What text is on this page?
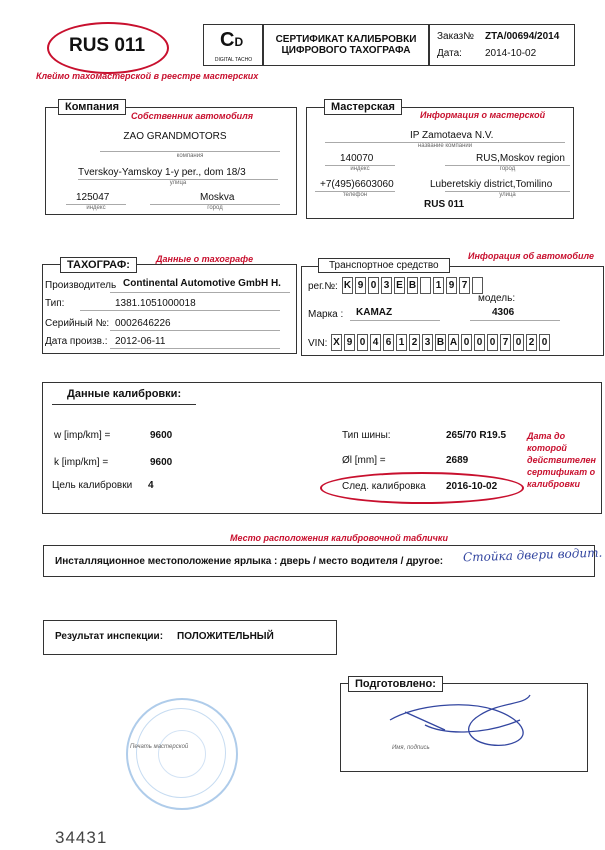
RUS 011
Клеймо тахомастерской в реестре мастерских
CD
DIGITAL TACHO
СЕРТИФИКАТ КАЛИБРОВКИ
ЦИФРОВОГО ТАХОГРАФА
Заказ№ ZTA/00694/2014
Дата: 2014-10-02
Компания
Собственник автомобиля
ZAO GRANDMOTORS
компания
Tverskoy-Yamskoy 1-y per., dom 18/3
улица
125047
индекс
Moskva
город
Мастерская
Информация о мастерской
IP Zamotaeva N.V.
название компании
140070
индекс
RUS,Moskov region
город
+7(495)6603060
телефон
Luberetskiy district,Tomilino
улица
RUS 011
Данные о тахографе
ТАХОГРАФ:
Производитель Continental Automotive GmbH H.
Тип:	1381.1051000018
Серийный №: 0002646226
Дата произв.: 2012-06-11
Инфорация об автомобиле
Транспортное средство
рег.№: K 9 0 3 E B 1 9 7
модель:
Марка : KAMAZ	4306
VIN: X 9 0 4 6 1 2 3 B A 0 0 0 7 0 2 0
Данные калибровки:
w [imp/km] =	9600
k [imp/km] =	9600
Цель калибровки 4
Тип шины:	265/70 R19.5
Øl [mm] =	2689
След. калибровка 2016-10-02
Дата до которой действителен сертификат о калибровки
Место расположения калибровочной таблички
Инсталляционное местоположение ярлыка : дверь / место водителя / другое: Стойка двери водит.
Результат инспекции: ПОЛОЖИТЕЛЬНЫЙ
Подготовлено:
Имя, подпись
Печать мастерской
34431
